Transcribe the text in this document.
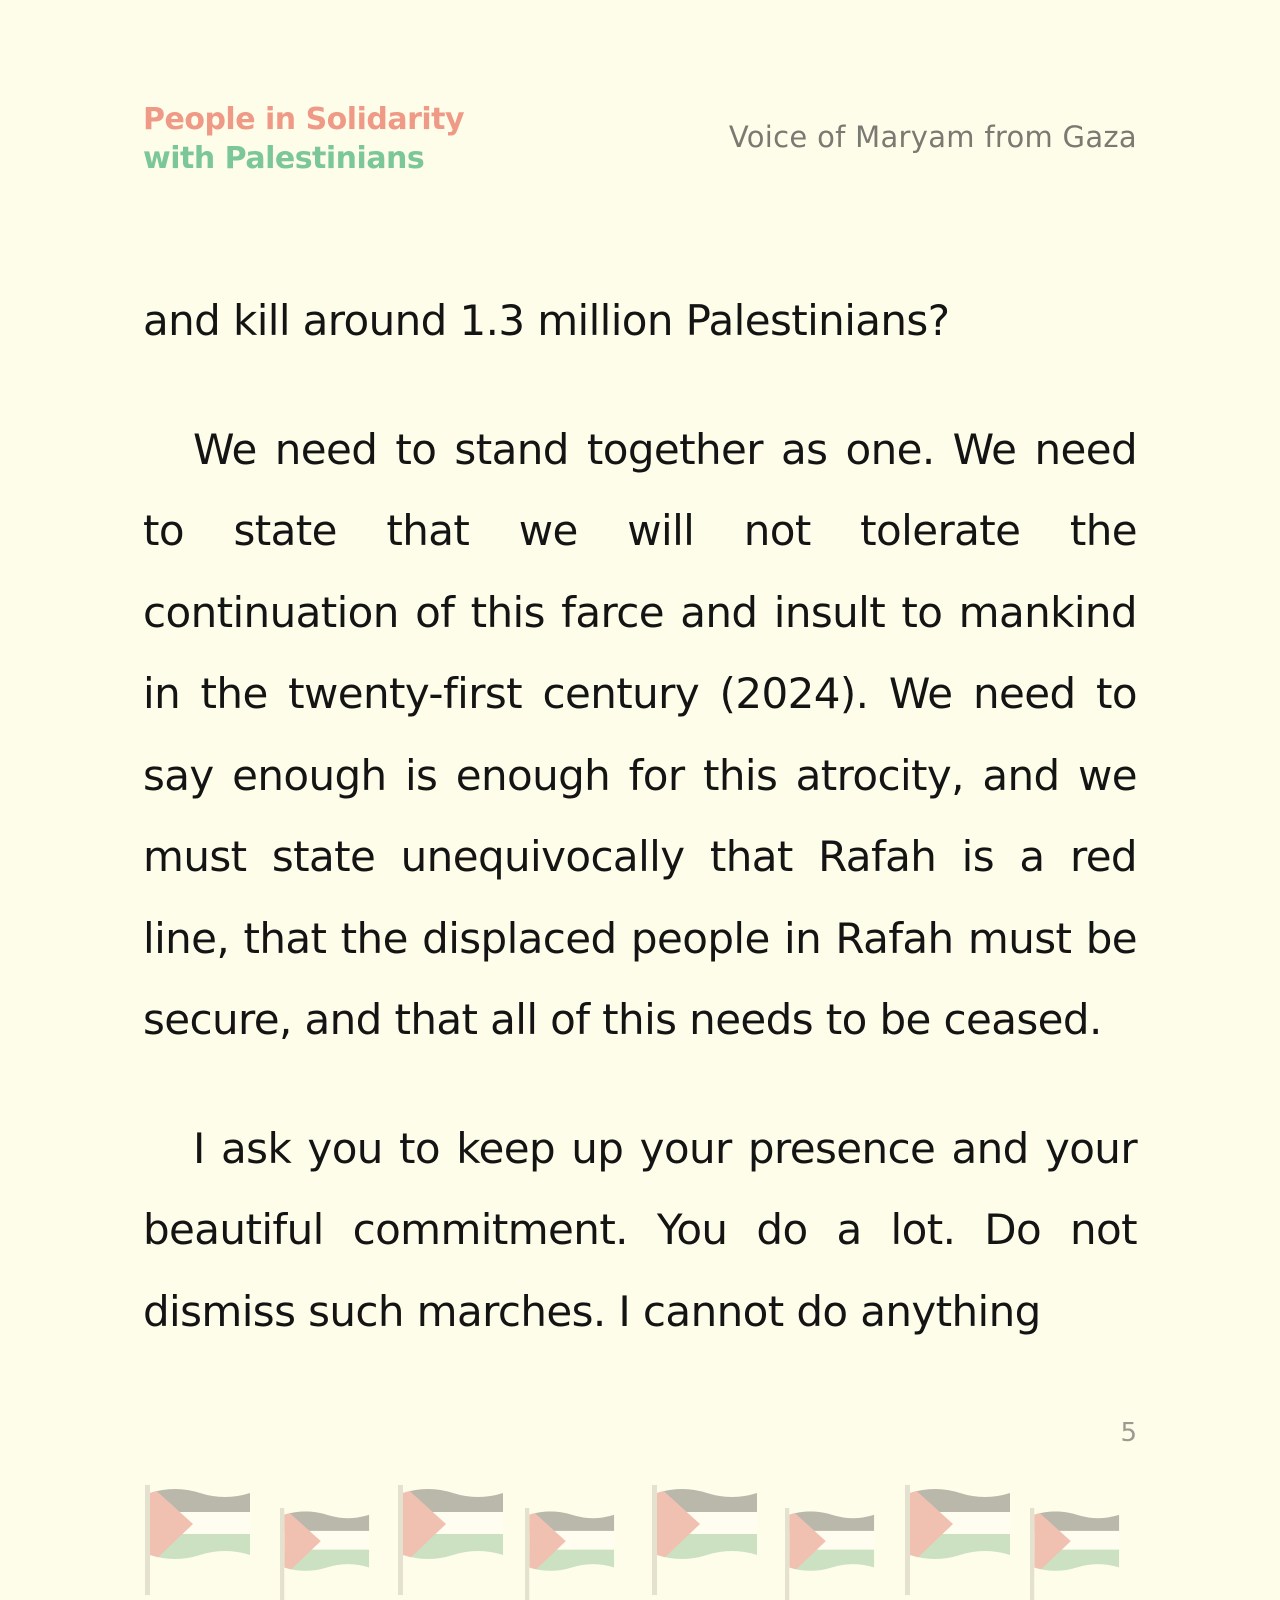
People in Solidarity
with Palestinians
Voice of Maryam from Gaza

and kill around 1.3 million Palestinians?

We need to stand together as one. We need to state that we will not tolerate the continuation of this farce and insult to mankind in the twenty-first century (2024). We need to say enough is enough for this atrocity, and we must state unequivocally that Rafah is a red line, that the displaced people in Rafah must be secure, and that all of this needs to be ceased.

I ask you to keep up your presence and your beautiful commitment. You do a lot. Do not dismiss such marches. I cannot do anything

5
